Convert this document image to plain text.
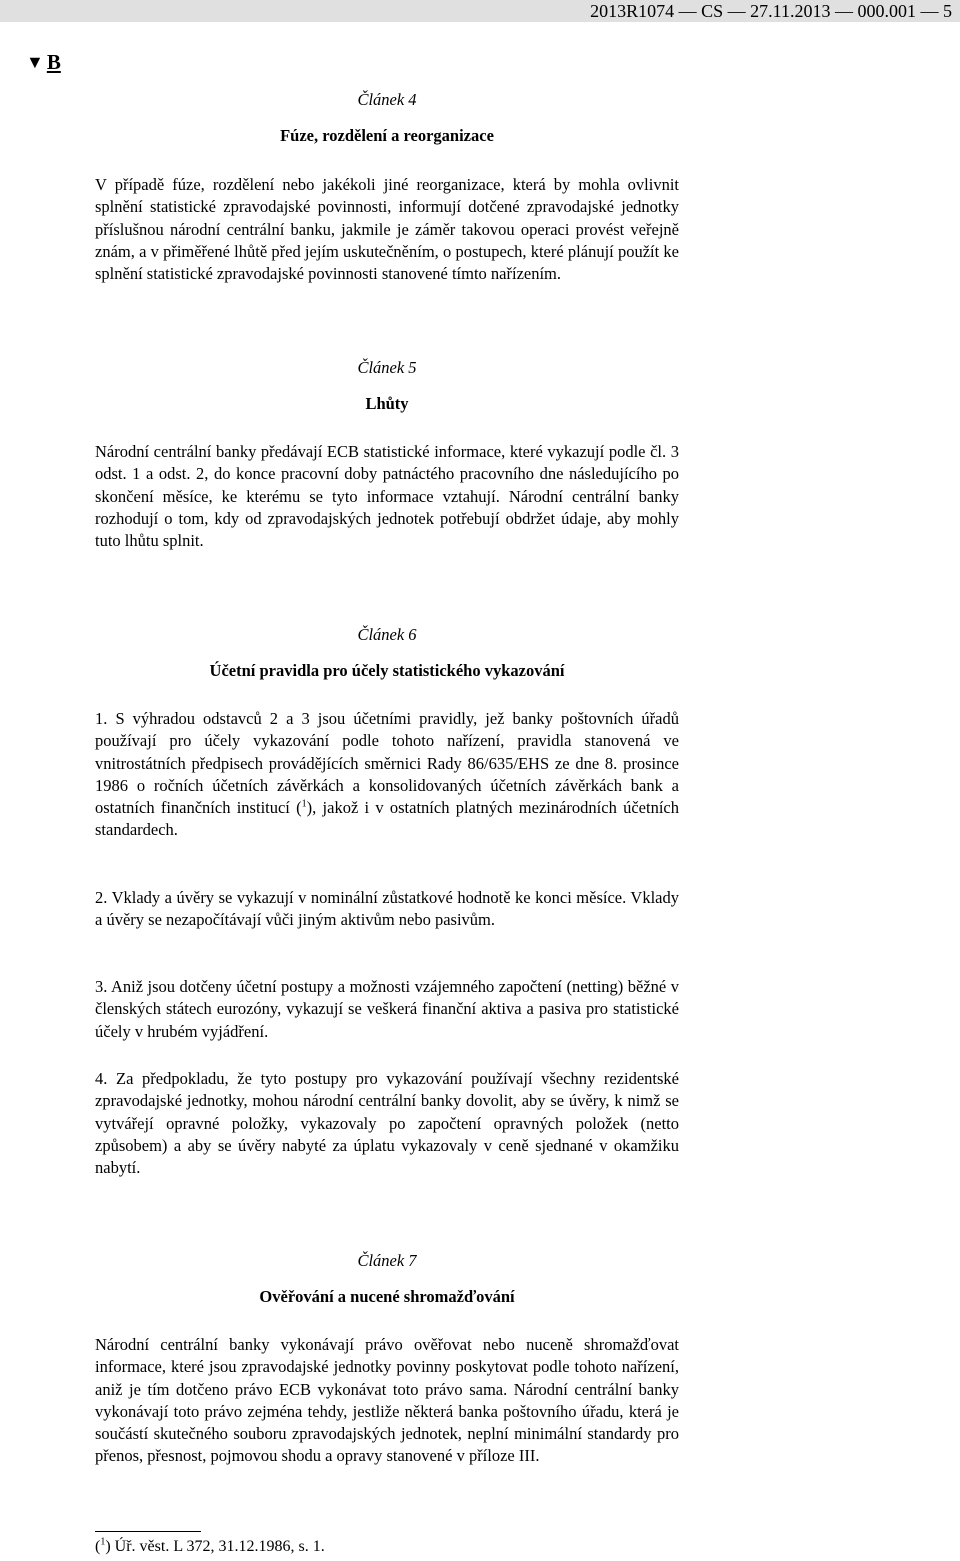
2013R1074 — CS — 27.11.2013 — 000.001 — 5
▼ B
Článek 4
Fúze, rozdělení a reorganizace
V případě fúze, rozdělení nebo jakékoli jiné reorganizace, která by mohla ovlivnit splnění statistické zpravodajské povinnosti, informují dotčené zpravodajské jednotky příslušnou národní centrální banku, jakmile je záměr takovou operaci provést veřejně znám, a v přiměřené lhůtě před jejím uskutečněním, o postupech, které plánují použít ke splnění statistické zpravodajské povinnosti stanovené tímto nařízením.
Článek 5
Lhůty
Národní centrální banky předávají ECB statistické informace, které vykazují podle čl. 3 odst. 1 a odst. 2, do konce pracovní doby patnáctého pracovního dne následujícího po skončení měsíce, ke kterému se tyto informace vztahují. Národní centrální banky rozhodují o tom, kdy od zpravodajských jednotek potřebují obdržet údaje, aby mohly tuto lhůtu splnit.
Článek 6
Účetní pravidla pro účely statistického vykazování
1. S výhradou odstavců 2 a 3 jsou účetními pravidly, jež banky poštovních úřadů používají pro účely vykazování podle tohoto nařízení, pravidla stanovená ve vnitrostátních předpisech provádějících směrnici Rady 86/635/EHS ze dne 8. prosince 1986 o ročních účetních závěrkách a konsolidovaných účetních závěrkách bank a ostatních finančních institucí ($^1$), jakož i v ostatních platných mezinárodních účetních standardech.
2. Vklady a úvěry se vykazují v nominální zůstatkové hodnotě ke konci měsíce. Vklady a úvěry se nezapočítávají vůči jiným aktivům nebo pasivům.
3. Aniž jsou dotčeny účetní postupy a možnosti vzájemného započtení (netting) běžné v členských státech eurozóny, vykazují se veškerá finanční aktiva a pasiva pro statistické účely v hrubém vyjádření.
4. Za předpokladu, že tyto postupy pro vykazování používají všechny rezidentské zpravodajské jednotky, mohou národní centrální banky dovolit, aby se úvěry, k nimž se vytvářejí opravné položky, vykazovaly po započtení opravných položek (netto způsobem) a aby se úvěry nabyté za úplatu vykazovaly v ceně sjednané v okamžiku nabytí.
Článek 7
Ověřování a nucené shromažďování
Národní centrální banky vykonávají právo ověřovat nebo nuceně shromažďovat informace, které jsou zpravodajské jednotky povinny poskytovat podle tohoto nařízení, aniž je tím dotčeno právo ECB vykonávat toto právo sama. Národní centrální banky vykonávají toto právo zejména tehdy, jestliže některá banka poštovního úřadu, která je součástí skutečného souboru zpravodajských jednotek, neplní minimální standardy pro přenos, přesnost, pojmovou shodu a opravy stanovené v příloze III.
($^1$) Úř. věst. L 372, 31.12.1986, s. 1.
